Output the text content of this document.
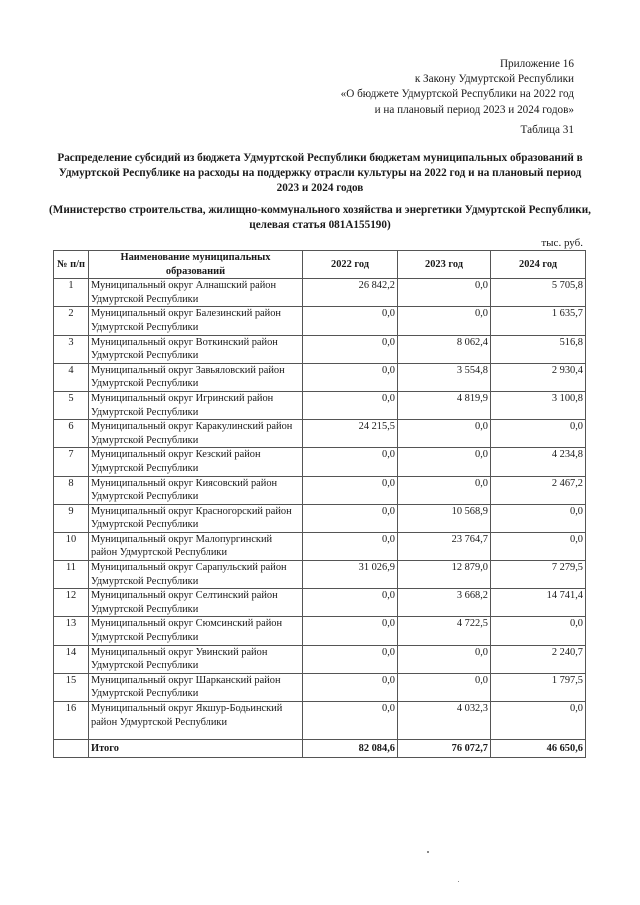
Приложение 16
к Закону Удмуртской Республики
«О бюджете Удмуртской Республики на 2022 год
и на плановый период 2023 и 2024 годов»
Таблица 31
Распределение субсидий из бюджета Удмуртской Республики бюджетам муниципальных образований в Удмуртской Республике на расходы на поддержку отрасли культуры на 2022 год и на плановый период 2023 и 2024 годов
(Министерство строительства, жилищно-коммунального хозяйства и энергетики Удмуртской Республики, целевая статья 081A155190)
тыс. руб.
№ п/п	Наименование муниципальных образований	2022 год	2023 год	2024 год
1	Муниципальный округ Алнашский район Удмуртской Республики	26 842,2	0,0	5 705,8
2	Муниципальный округ Балезинский район Удмуртской Республики	0,0	0,0	1 635,7
3	Муниципальный округ Воткинский район Удмуртской Республики	0,0	8 062,4	516,8
4	Муниципальный округ Завьяловский район Удмуртской Республики	0,0	3 554,8	2 930,4
5	Муниципальный округ Игринский район Удмуртской Республики	0,0	4 819,9	3 100,8
6	Муниципальный округ Каракулинский район Удмуртской Республики	24 215,5	0,0	0,0
7	Муниципальный округ Кезский район Удмуртской Республики	0,0	0,0	4 234,8
8	Муниципальный округ Киясовский район Удмуртской Республики	0,0	0,0	2 467,2
9	Муниципальный округ Красногорский район Удмуртской Республики	0,0	10 568,9	0,0
10	Муниципальный округ Малопургинский район Удмуртской Республики	0,0	23 764,7	0,0
11	Муниципальный округ Сарапульский район Удмуртской Республики	31 026,9	12 879,0	7 279,5
12	Муниципальный округ Селтинский район Удмуртской Республики	0,0	3 668,2	14 741,4
13	Муниципальный округ Сюмсинский район Удмуртской Республики	0,0	4 722,5	0,0
14	Муниципальный округ Увинский район Удмуртской Республики	0,0	0,0	2 240,7
15	Муниципальный округ Шарканский район Удмуртской Республики	0,0	0,0	1 797,5
16	Муниципальный округ Якшур-Бодьинский район Удмуртской Республики	0,0	4 032,3	0,0
	Итого	82 084,6	76 072,7	46 650,6
